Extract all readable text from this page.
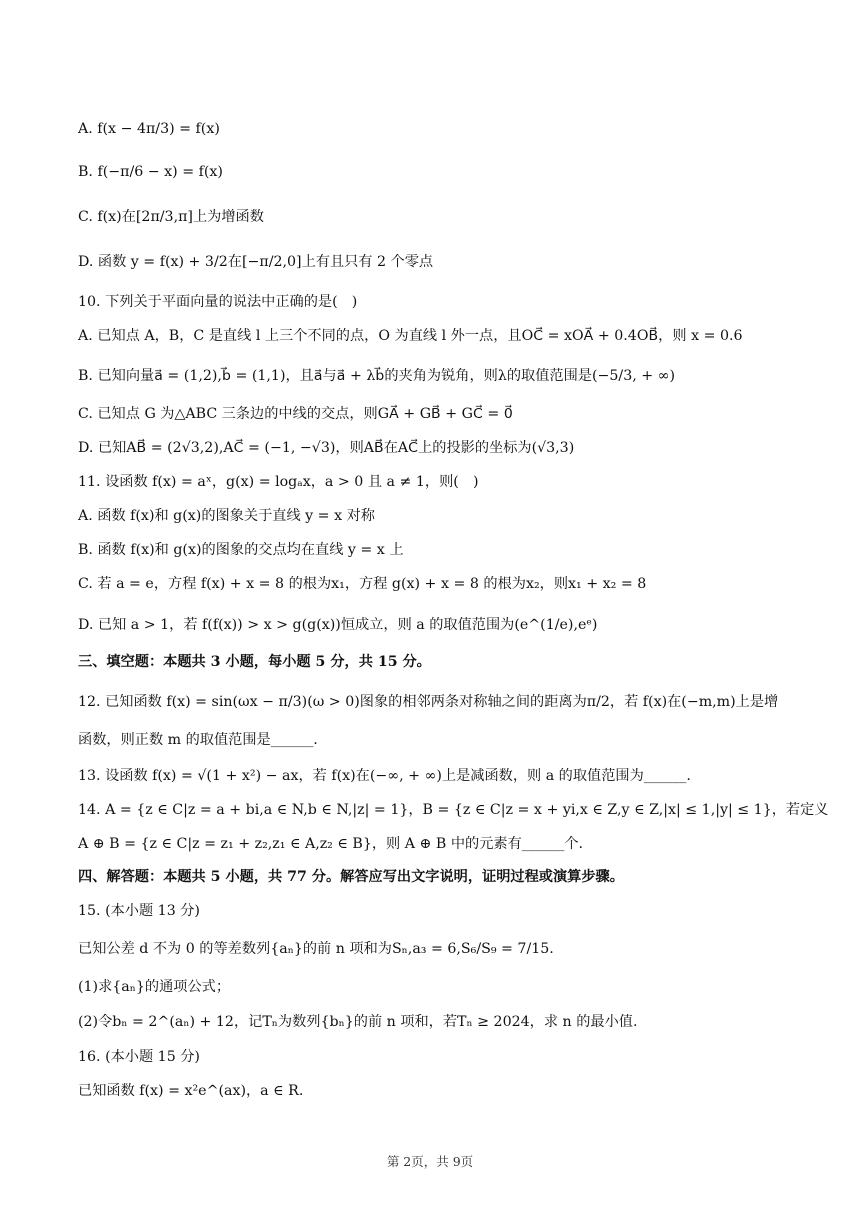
A. f(x − 4π/3) = f(x)
B. f(−π/6 − x) = f(x)
C. f(x)在[2π/3,π]上为增函数
D. 函数 y = f(x) + 3/2在[−π/2,0]上有且只有 2 个零点
10. 下列关于平面向量的说法中正确的是(　)
A. 已知点 A，B，C 是直线 l 上三个不同的点，O 为直线 l 外一点，且OC⃗ = xOA⃗ + 0.4OB⃗，则 x = 0.6
B. 已知向量a⃗ = (1,2),b⃗ = (1,1)，且a⃗与a⃗ + λb⃗的夹角为锐角，则λ的取值范围是(−5/3, + ∞)
C. 已知点 G 为△ABC 三条边的中线的交点，则GA⃗ + GB⃗ + GC⃗ = 0⃗
D. 已知AB⃗ = (2√3,2),AC⃗ = (−1, −√3)，则AB⃗在AC⃗上的投影的坐标为(√3,3)
11. 设函数 f(x) = aˣ，g(x) = logₐx，a > 0 且 a ≠ 1，则(　)
A. 函数 f(x)和 g(x)的图象关于直线 y = x 对称
B. 函数 f(x)和 g(x)的图象的交点均在直线 y = x 上
C. 若 a = e，方程 f(x) + x = 8 的根为x₁，方程 g(x) + x = 8 的根为x₂，则x₁ + x₂ = 8
D. 已知 a > 1，若 f(f(x)) > x > g(g(x))恒成立，则 a 的取值范围为(e^(1/e),eᵉ)
三、填空题：本题共 3 小题，每小题 5 分，共 15 分。
12. 已知函数 f(x) = sin(ωx − π/3)(ω > 0)图象的相邻两条对称轴之间的距离为π/2，若 f(x)在(−m,m)上是增
函数，则正数 m 的取值范围是______.
13. 设函数 f(x) = √(1 + x²) − ax，若 f(x)在(−∞, + ∞)上是减函数，则 a 的取值范围为______.
14. A = {z ∈ C|z = a + bi,a ∈ N,b ∈ N,|z| = 1}，B = {z ∈ C|z = x + yi,x ∈ Z,y ∈ Z,|x| ≤ 1,|y| ≤ 1}，若定义
A ⊕ B = {z ∈ C|z = z₁ + z₂,z₁ ∈ A,z₂ ∈ B}，则 A ⊕ B 中的元素有______个.
四、解答题：本题共 5 小题，共 77 分。解答应写出文字说明，证明过程或演算步骤。
15. (本小题 13 分)
已知公差 d 不为 0 的等差数列{aₙ}的前 n 项和为Sₙ,a₃ = 6,S₆/S₉ = 7/15.
(1)求{aₙ}的通项公式；
(2)令bₙ = 2^(aₙ) + 12，记Tₙ为数列{bₙ}的前 n 项和，若Tₙ ≥ 2024，求 n 的最小值.
16. (本小题 15 分)
已知函数 f(x) = x²e^(ax)，a ∈ R.
第 2页，共 9页
